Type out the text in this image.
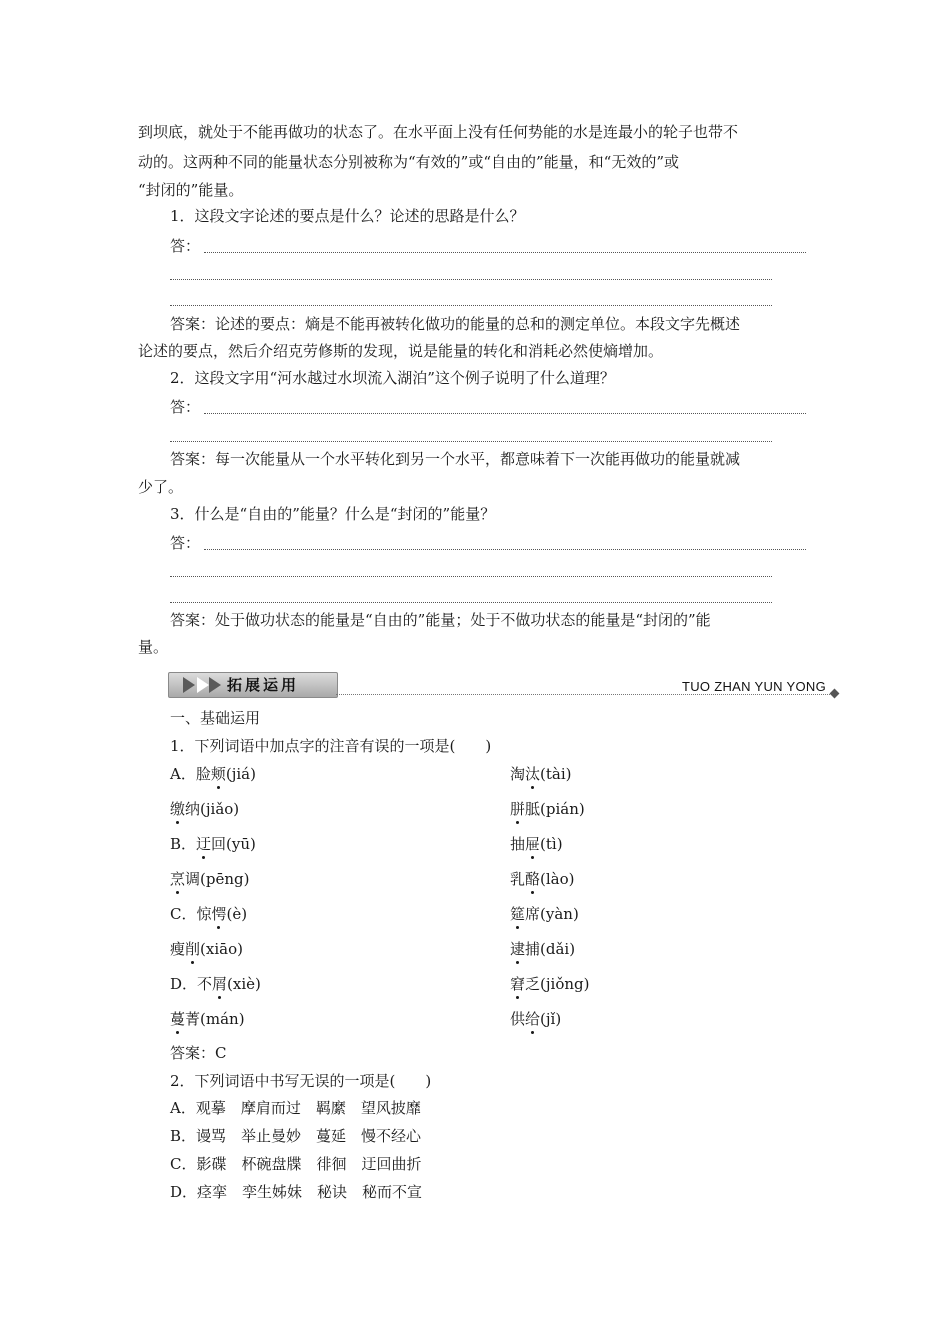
到坝底，就处于不能再做功的状态了。在水平面上没有任何势能的水是连最小的轮子也带不
动的。这两种不同的能量状态分别被称为“有效的”或“自由的”能量，和“无效的”或
“封闭的”能量。
1．这段文字论述的要点是什么？论述的思路是什么？
答：
答案：论述的要点：熵是不能再被转化做功的能量的总和的测定单位。本段文字先概述
论述的要点，然后介绍克劳修斯的发现，说是能量的转化和消耗必然使熵增加。
2．这段文字用“河水越过水坝流入湖泊”这个例子说明了什么道理？
答：
答案：每一次能量从一个水平转化到另一个水平，都意味着下一次能再做功的能量就减
少了。
3．什么是“自由的”能量？什么是“封闭的”能量？
答：
答案：处于做功状态的能量是“自由的”能量；处于不做功状态的能量是“封闭的”能
量。
拓展运用	TUO ZHAN YUN YONG
一、基础运用
1．下列词语中加点字的注音有误的一项是(　　)
A．脸颊(jiá)	淘汰(tài)
缴纳(jiǎo)	胼胝(pián)
B．迂回(yū)	抽屉(tì)
烹调(pēng)	乳酪(lào)
C．惊愕(è)	筵席(yàn)
瘦削(xiāo)	逮捕(dǎi)
D．不屑(xiè)	窘乏(jiǒng)
蔓菁(mán)	供给(jǐ)
答案：C
2．下列词语中书写无误的一项是(　　)
A．观摹　摩肩而过　羁縻　望风披靡
B．谩骂　举止曼妙　蔓延　慢不经心
C．影碟　杯碗盘牒　徘徊　迂回曲折
D．痉挛　孪生姊妹　秘诀　秘而不宣
